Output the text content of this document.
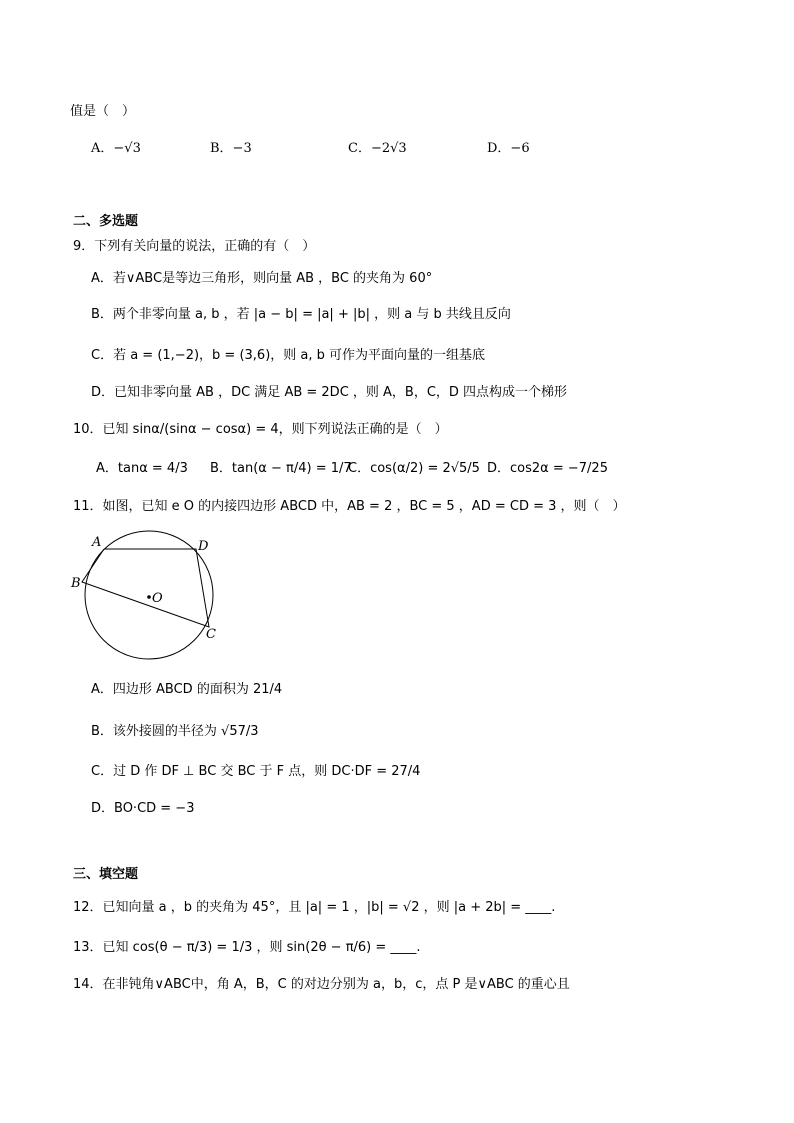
值是（　）
A．−√3	B．−3	C．−2√3	D．−6
二、多选题
9．下列有关向量的说法，正确的有（　）
A．若∨ABC是等边三角形，则向量 AB ，BC 的夹角为 60°
B．两个非零向量 a, b ，若 |a − b| = |a| + |b| ，则 a 与 b 共线且反向
C．若 a = (1,−2)，b = (3,6)，则 a, b 可作为平面向量的一组基底
D．已知非零向量 AB ，DC 满足 AB = 2DC ，则 A，B，C，D 四点构成一个梯形
10．已知 sinα/(sinα − cosα) = 4，则下列说法正确的是（　）
A．tanα = 4/3 B．tan(α − π/4) = 1/7
C．cos(α/2) = 2√5/5 D．cos2α = −7/25
11．如图，已知 e O 的内接四边形 ABCD 中，AB = 2 ，BC = 5 ，AD = CD = 3 ，则（　）
A	D
B
O
C
A．四边形 ABCD 的面积为 21/4
B．该外接圆的半径为 √57/3
C．过 D 作 DF ⊥ BC 交 BC 于 F 点，则 DC·DF = 27/4
D．BO·CD = −3
三、填空题
12．已知向量 a ，b 的夹角为 45°，且 |a| = 1 ，|b| = √2 ，则 |a + 2b| = ____.
13．已知 cos(θ − π/3) = 1/3 ，则 sin(2θ − π/6) = ____.
14．在非钝角∨ABC中，角 A，B，C 的对边分别为 a，b，c，点 P 是∨ABC 的重心且
